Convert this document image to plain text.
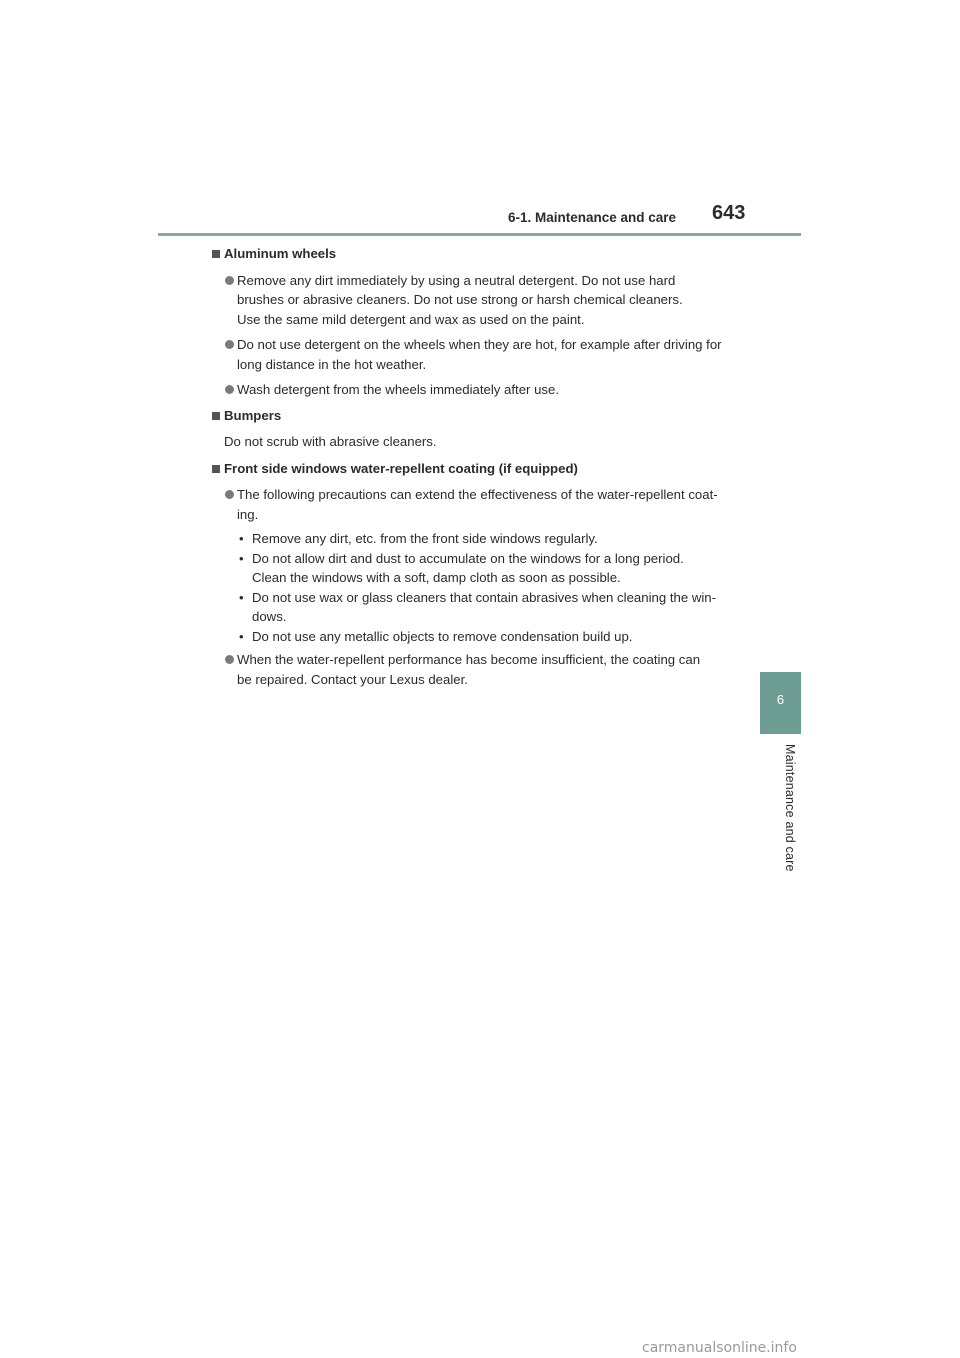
6-1. Maintenance and care 643
6
Maintenance and care
Aluminum wheels
Remove any dirt immediately by using a neutral detergent. Do not use hard
brushes or abrasive cleaners. Do not use strong or harsh chemical cleaners.
Use the same mild detergent and wax as used on the paint.
Do not use detergent on the wheels when they are hot, for example after driving for
long distance in the hot weather.
Wash detergent from the wheels immediately after use.
Bumpers
Do not scrub with abrasive cleaners.
Front side windows water-repellent coating (if equipped)
The following precautions can extend the effectiveness of the water-repellent coat-
ing.
• Remove any dirt, etc. from the front side windows regularly.
• Do not allow dirt and dust to accumulate on the windows for a long period.
Clean the windows with a soft, damp cloth as soon as possible.
• Do not use wax or glass cleaners that contain abrasives when cleaning the win-
dows.
• Do not use any metallic objects to remove condensation build up.
When the water-repellent performance has become insufficient, the coating can
be repaired. Contact your Lexus dealer.
carmanualsonline.info
